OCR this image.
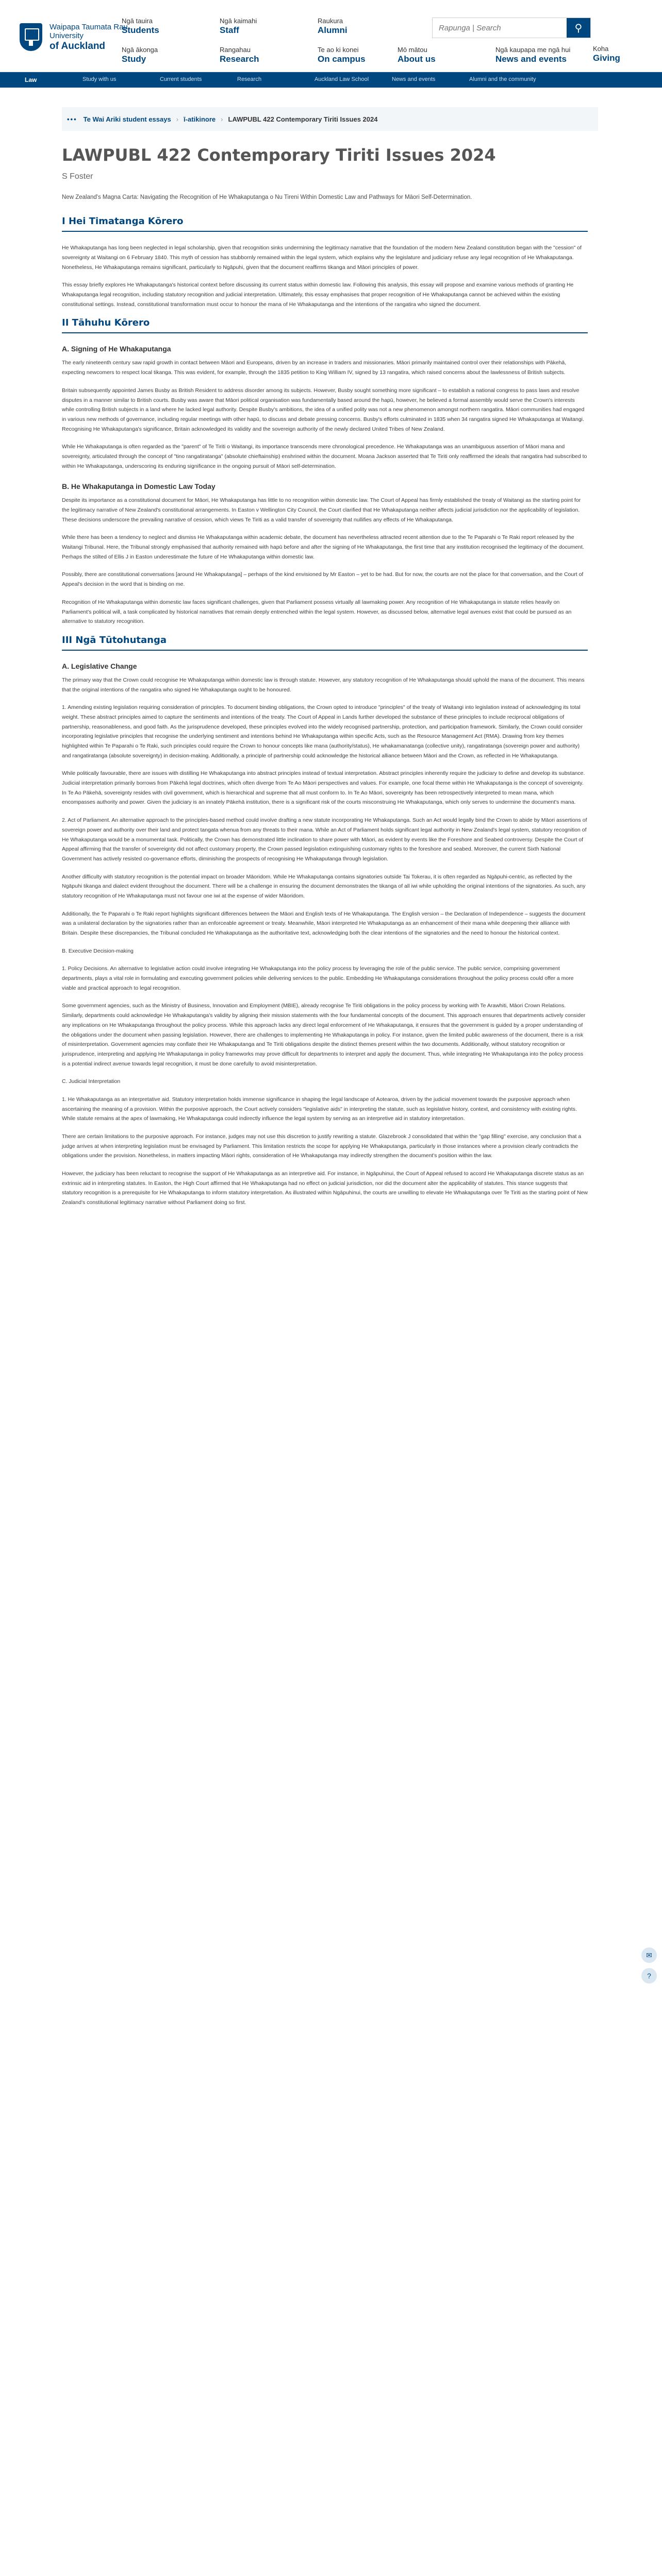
Waipapa Taumata Rau
University
of Auckland
Ngā tauira
Students
Ngā kaimahi
Staff
Raukura
Alumni
Ngā ākonga
Study
Rangahau
Research
Te ao ki konei
On campus
Mō mātou
About us
Ngā kaupapa me ngā hui
News and events
Koha
Giving
Rapunga | Search
⚲
Law	Study with us	Current students	Research	Auckland Law School	News and events	Alumni and the community
••• Te Wai Ariki student essays › ī-atikinore › LAWPUBL 422 Contemporary Tiriti Issues 2024
LAWPUBL 422 Contemporary Tiriti Issues 2024
S Foster
New Zealand's Magna Carta: Navigating the Recognition of He Whakaputanga o Nu Tireni Within Domestic Law and Pathways for Māori Self-Determination.
I Hei Timatanga Kōrero

He Whakaputanga has long been neglected in legal scholarship, given that recognition sinks undermining the legitimacy narrative that the foundation of the modern New Zealand constitution began with the "cession" of sovereignty at Waitangi on 6 February 1840. This myth of cession has stubbornly remained within the legal system, which explains why the legislature and judiciary refuse any legal recognition of He Whakaputanga. Nonetheless, He Whakaputanga remains significant, particularly to Ngāpuhi, given that the document reaffirms tikanga and Māori principles of power.

This essay briefly explores He Whakaputanga's historical context before discussing its current status within domestic law. Following this analysis, this essay will propose and examine various methods of granting He Whakaputanga legal recognition, including statutory recognition and judicial interpretation. Ultimately, this essay emphasises that proper recognition of He Whakaputanga cannot be achieved within the existing constitutional settings. Instead, constitutional transformation must occur to honour the mana of He Whakaputanga and the intentions of the rangatira who signed the document.

II Tāhuhu Kōrero
A. Signing of He Whakaputanga

The early nineteenth century saw rapid growth in contact between Māori and Europeans, driven by an increase in traders and missionaries. Māori primarily maintained control over their relationships with Pākehā, expecting newcomers to respect local tikanga. This was evident, for example, through the 1835 petition to King William IV, signed by 13 rangatira, which raised concerns about the lawlessness of British subjects.

Britain subsequently appointed James Busby as British Resident to address disorder among its subjects. However, Busby sought something more significant – to establish a national congress to pass laws and resolve disputes in a manner similar to British courts. Busby was aware that Māori political organisation was fundamentally based around the hapū, however, he believed a formal assembly would serve the Crown's interests while controlling British subjects in a land where he lacked legal authority. Despite Busby's ambitions, the idea of a unified polity was not a new phenomenon amongst northern rangatira. Māori communities had engaged in various new methods of governance, including regular meetings with other hapū, to discuss and debate pressing concerns. Busby's efforts culminated in 1835 when 34 rangatira signed He Whakaputanga at Waitangi. Recognising He Whakaputanga's significance, Britain acknowledged its validity and the sovereign authority of the newly declared United Tribes of New Zealand.

While He Whakaputanga is often regarded as the "parent" of Te Tiriti o Waitangi, its importance transcends mere chronological precedence. He Whakaputanga was an unambiguous assertion of Māori mana and sovereignty, articulated through the concept of "tino rangatiratanga" (absolute chieftainship) enshrined within the document. Moana Jackson asserted that Te Tiriti only reaffirmed the ideals that rangatira had subscribed to within He Whakaputanga, underscoring its enduring significance in the ongoing pursuit of Māori self-determination.

B. He Whakaputanga in Domestic Law Today

Despite its importance as a constitutional document for Māori, He Whakaputanga has little to no recognition within domestic law. The Court of Appeal has firmly established the treaty of Waitangi as the starting point for the legitimacy narrative of New Zealand's constitutional arrangements. In Easton v Wellington City Council, the Court clarified that He Whakaputanga neither affects judicial jurisdiction nor the applicability of legislation. These decisions underscore the prevailing narrative of cession, which views Te Tiriti as a valid transfer of sovereignty that nullifies any effects of He Whakaputanga.

While there has been a tendency to neglect and dismiss He Whakaputanga within academic debate, the document has nevertheless attracted recent attention due to the Te Paparahi o Te Raki report released by the Waitangi Tribunal. Here, the Tribunal strongly emphasised that authority remained with hapū before and after the signing of He Whakaputanga, the first time that any institution recognised the legitimacy of the document. Perhaps the stilted of Ellis J in Easton underestimate the future of He Whakaputanga within domestic law.

Possibly, there are constitutional conversations [around He Whakaputanga] – perhaps of the kind envisioned by Mr Easton – yet to be had. But for now, the courts are not the place for that conversation, and the Court of Appeal's decision in the word that is binding on me.

Recognition of He Whakaputanga within domestic law faces significant challenges, given that Parliament possess virtually all lawmaking power. Any recognition of He Whakaputanga in statute relies heavily on Parliament's political will, a task complicated by historical narratives that remain deeply entrenched within the legal system. However, as discussed below, alternative legal avenues exist that could be pursued as an alternative to statutory recognition.

III Ngā Tūtohutanga
A. Legislative Change

The primary way that the Crown could recognise He Whakaputanga within domestic law is through statute. However, any statutory recognition of He Whakaputanga should uphold the mana of the document. This means that the original intentions of the rangatira who signed He Whakaputanga ought to be honoured.

1. Amending existing legislation requiring consideration of principles. To document binding obligations, the Crown opted to introduce "principles" of the treaty of Waitangi into legislation instead of acknowledging its total weight. These abstract principles aimed to capture the sentiments and intentions of the treaty. The Court of Appeal in Lands further developed the substance of these principles to include reciprocal obligations of partnership, reasonableness, and good faith. As the jurisprudence developed, these principles evolved into the widely recognised partnership, protection, and participation framework. Similarly, the Crown could consider incorporating legislative principles that recognise the underlying sentiment and intentions behind He Whakaputanga within specific Acts, such as the Resource Management Act (RMA). Drawing from key themes highlighted within Te Paparahi o Te Raki, such principles could require the Crown to honour concepts like mana (authority/status), He whakamanatanga (collective unity), rangatiratanga (sovereign power and authority) and rangatiratanga (absolute sovereignty) in decision-making. Additionally, a principle of partnership could acknowledge the historical alliance between Māori and the Crown, as reflected in He Whakaputanga.

While politically favourable, there are issues with distilling He Whakaputanga into abstract principles instead of textual interpretation. Abstract principles inherently require the judiciary to define and develop its substance. Judicial interpretation primarily borrows from Pākehā legal doctrines, which often diverge from Te Ao Māori perspectives and values. For example, one focal theme within He Whakaputanga is the concept of sovereignty. In Te Ao Pākehā, sovereignty resides with civil government, which is hierarchical and supreme that all must conform to. In Te Ao Māori, sovereignty has been retrospectively interpreted to mean mana, which encompasses authority and power. Given the judiciary is an innately Pākehā institution, there is a significant risk of the courts misconstruing He Whakaputanga, which only serves to undermine the document's mana.

2. Act of Parliament. An alternative approach to the principles-based method could involve drafting a new statute incorporating He Whakaputanga. Such an Act would legally bind the Crown to abide by Māori assertions of sovereign power and authority over their land and protect tangata whenua from any threats to their mana. While an Act of Parliament holds significant legal authority in New Zealand's legal system, statutory recognition of He Whakaputanga would be a monumental task. Politically, the Crown has demonstrated little inclination to share power with Māori, as evident by events like the Foreshore and Seabed controversy. Despite the Court of Appeal affirming that the transfer of sovereignty did not affect customary property, the Crown passed legislation extinguishing customary rights to the foreshore and seabed. Moreover, the current Sixth National Government has actively resisted co-governance efforts, diminishing the prospects of recognising He Whakaputanga through legislation.

Another difficulty with statutory recognition is the potential impact on broader Māoridom. While He Whakaputanga contains signatories outside Tai Tokerau, it is often regarded as Ngāpuhi-centric, as reflected by the Ngāpuhi tikanga and dialect evident throughout the document. There will be a challenge in ensuring the document demonstrates the tikanga of all iwi while upholding the original intentions of the signatories. As such, any statutory recognition of He Whakaputanga must not favour one iwi at the expense of wider Māoridom.

Additionally, the Te Paparahi o Te Raki report highlights significant differences between the Māori and English texts of He Whakaputanga. The English version – the Declaration of Independence – suggests the document was a unilateral declaration by the signatories rather than an enforceable agreement or treaty. Meanwhile, Māori interpreted He Whakaputanga as an enhancement of their mana while deepening their alliance with Britain. Despite these discrepancies, the Tribunal concluded He Whakaputanga as the authoritative text, acknowledging both the clear intentions of the signatories and the need to honour the historical context.

B. Executive Decision-making

1. Policy Decisions. An alternative to legislative action could involve integrating He Whakaputanga into the policy process by leveraging the role of the public service. The public service, comprising government departments, plays a vital role in formulating and executing government policies while delivering services to the public. Embedding He Whakaputanga considerations throughout the policy process could offer a more viable and practical approach to legal recognition.

Some government agencies, such as the Ministry of Business, Innovation and Employment (MBIE), already recognise Te Tiriti obligations in the policy process by working with Te Arawhiti, Māori Crown Relations. Similarly, departments could acknowledge He Whakaputanga's validity by aligning their mission statements with the four fundamental concepts of the document. This approach ensures that departments actively consider any implications on He Whakaputanga throughout the policy process. While this approach lacks any direct legal enforcement of He Whakaputanga, it ensures that the government is guided by a proper understanding of the obligations under the document when passing legislation. However, there are challenges to implementing He Whakaputanga in policy. For instance, given the limited public awareness of the document, there is a risk of misinterpretation. Government agencies may conflate their He Whakaputanga and Te Tiriti obligations despite the distinct themes present within the two documents. Additionally, without statutory recognition or jurisprudence, interpreting and applying He Whakaputanga in policy frameworks may prove difficult for departments to interpret and apply the document. Thus, while integrating He Whakaputanga into the policy process is a potential indirect avenue towards legal recognition, it must be done carefully to avoid misinterpretation.

C. Judicial Interpretation

1. He Whakaputanga as an interpretative aid. Statutory interpretation holds immense significance in shaping the legal landscape of Aotearoa, driven by the judicial movement towards the purposive approach when ascertaining the meaning of a provision. Within the purposive approach, the Court actively considers "legislative aids" in interpreting the statute, such as legislative history, context, and consistency with existing rights. While statute remains at the apex of lawmaking, He Whakaputanga could indirectly influence the legal system by serving as an interpretive aid in statutory interpretation.

There are certain limitations to the purposive approach. For instance, judges may not use this discretion to justify rewriting a statute. Glazebrook J consolidated that within the "gap filling" exercise, any conclusion that a judge arrives at when interpreting legislation must be envisaged by Parliament. This limitation restricts the scope for applying He Whakaputanga, particularly in those instances where a provision clearly contradicts the obligations under the provision. Nonetheless, in matters impacting Māori rights, consideration of He Whakaputanga may indirectly strengthen the document's position within the law.

However, the judiciary has been reluctant to recognise the support of He Whakaputanga as an interpretive aid. For instance, in Ngāpuhinui, the Court of Appeal refused to accord He Whakaputanga discrete status as an extrinsic aid in interpreting statutes. In Easton, the High Court affirmed that He Whakaputanga had no effect on judicial jurisdiction, nor did the document alter the applicability of statutes. This stance suggests that statutory recognition is a prerequisite for He Whakaputanga to inform statutory interpretation. As illustrated within Ngāpuhinui, the courts are unwilling to elevate He Whakaputanga over Te Tiriti as the starting point of New Zealand's constitutional legitimacy narrative without Parliament doing so first.

✉
?
